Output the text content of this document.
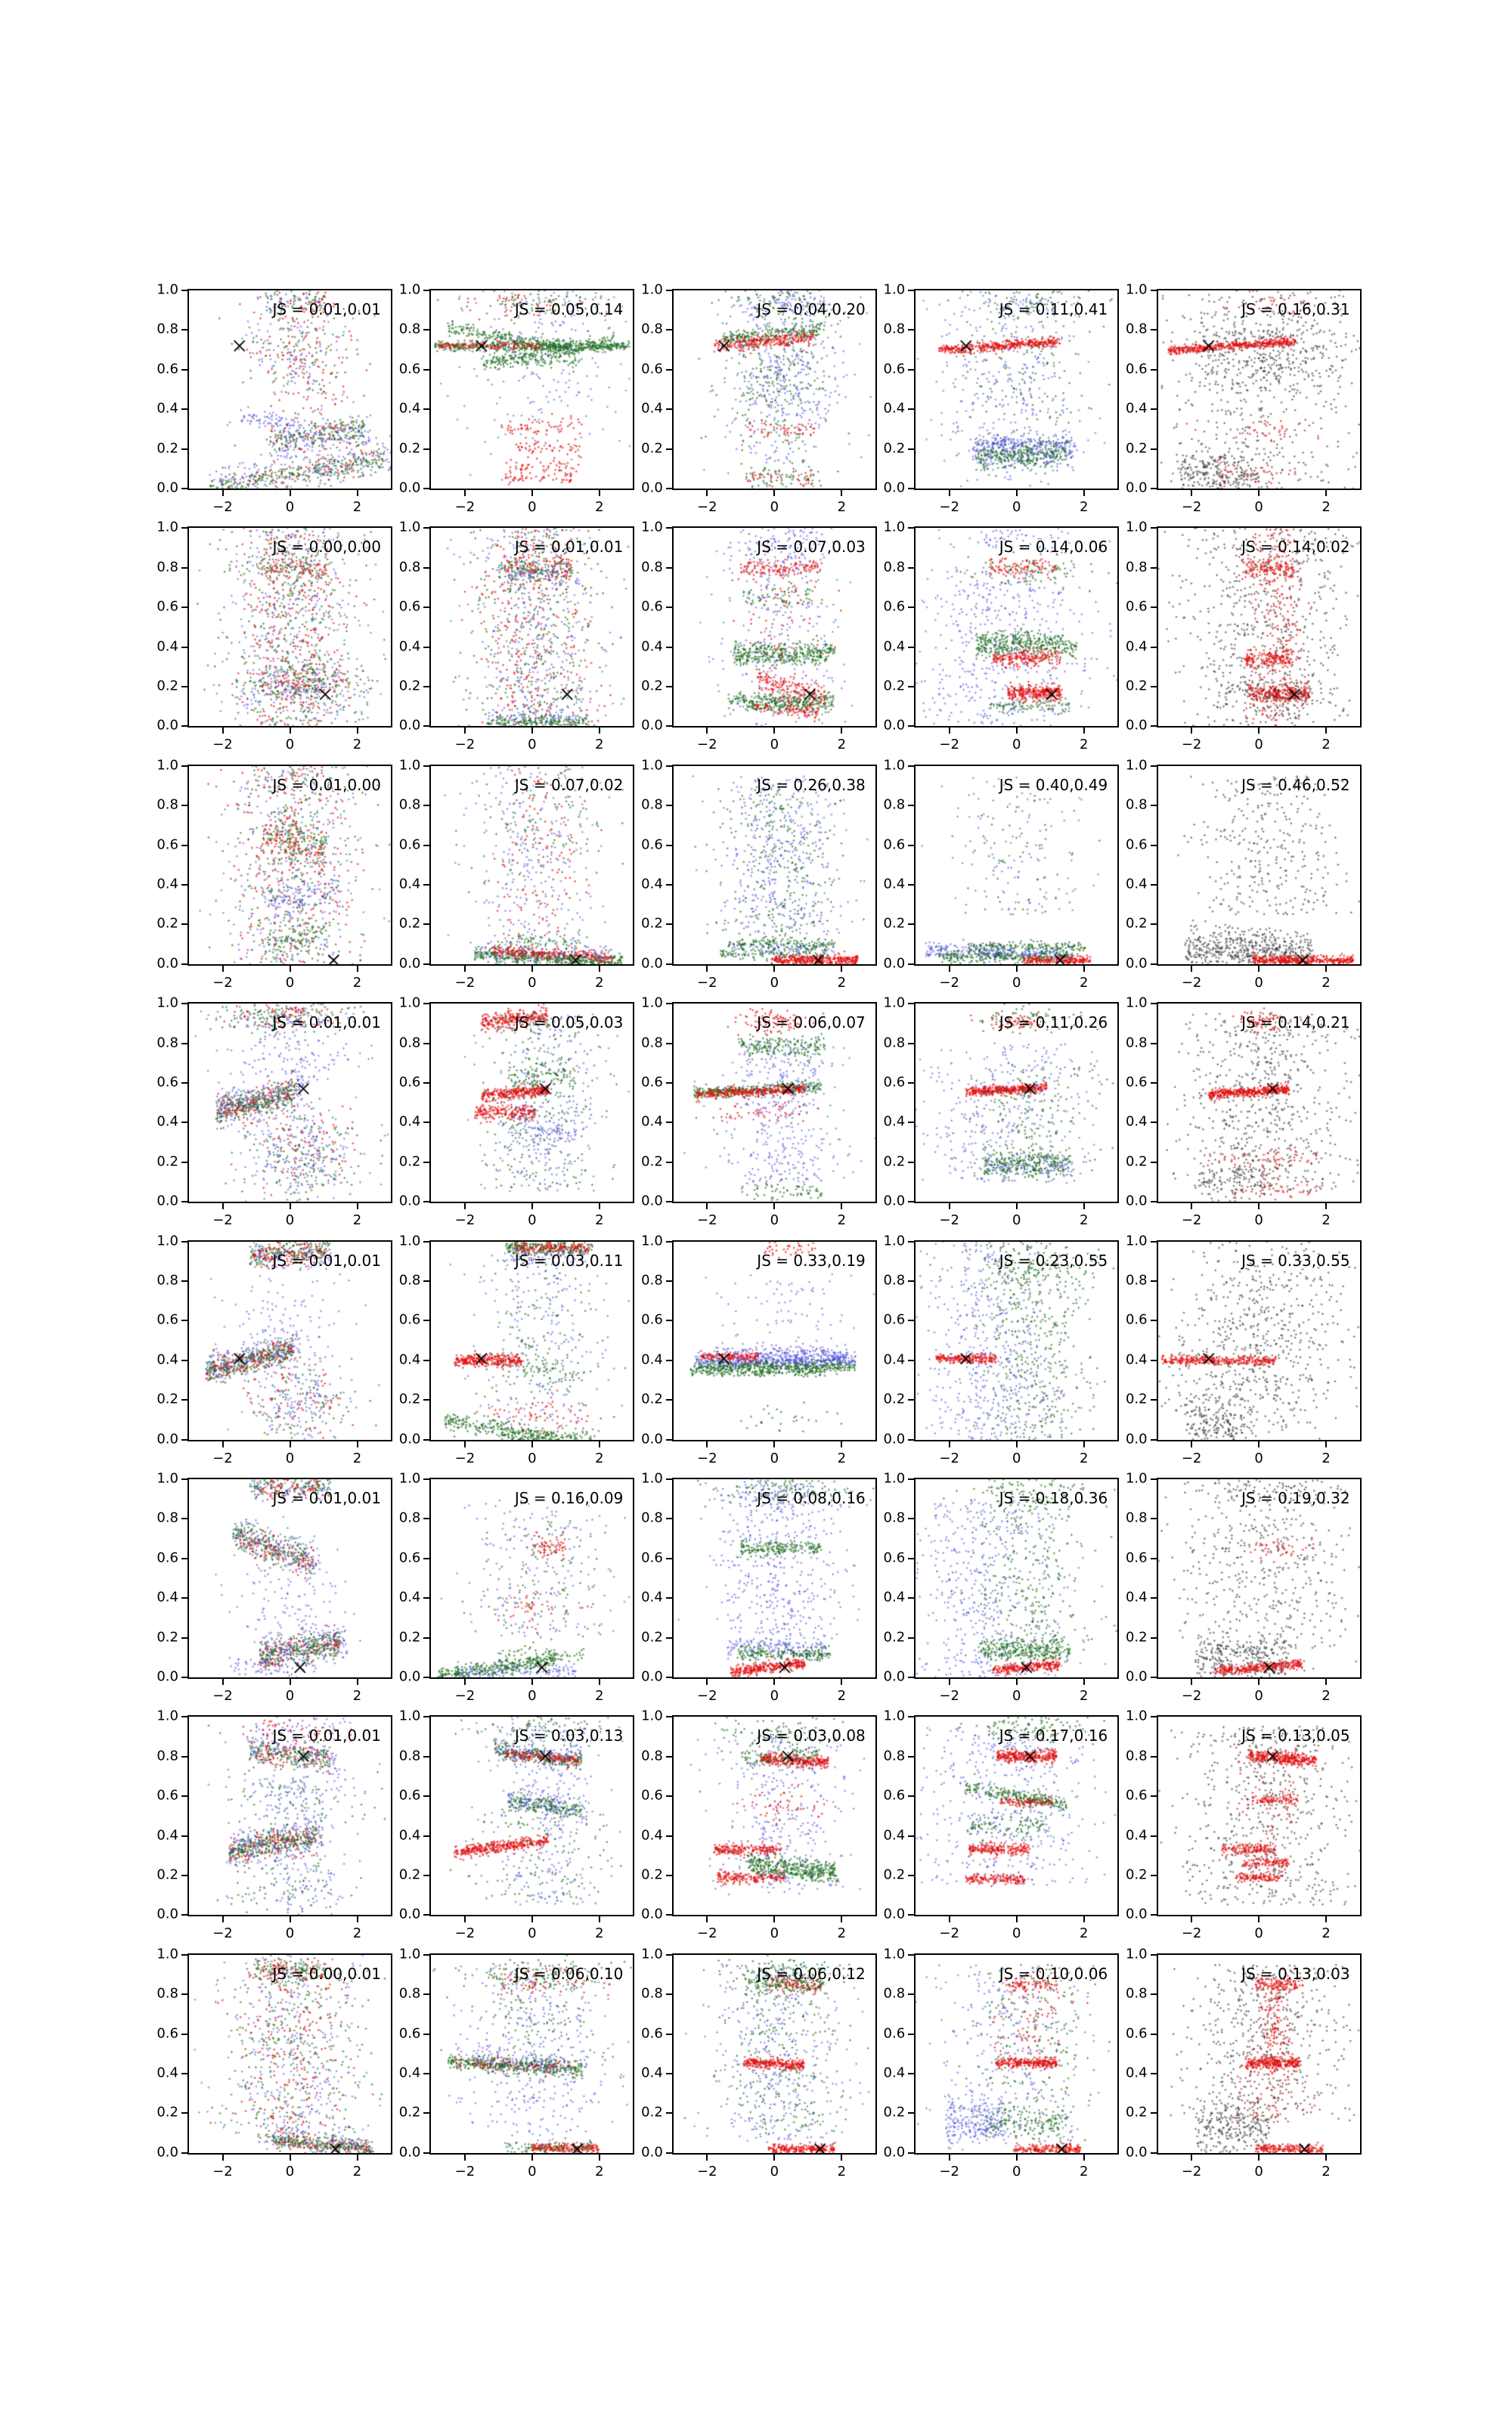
JS = 0.01,0.01
−2	0	2
0.0
0.2
0.4
0.6
0.8
1.0
JS = 0.05,0.14
−2	0	2
0.0
0.2
0.4
0.6
0.8
1.0
JS = 0.04,0.20
−2	0	2
0.0
0.2
0.4
0.6
0.8
1.0
JS = 0.11,0.41
−2	0	2
0.0
0.2
0.4
0.6
0.8
1.0
JS = 0.16,0.31
−2	0	2
0.0
0.2
0.4
0.6
0.8
1.0
JS = 0.00,0.00
−2	0	2
0.0
0.2
0.4
0.6
0.8
1.0
JS = 0.01,0.01
−2	0	2
0.0
0.2
0.4
0.6
0.8
1.0
JS = 0.07,0.03
−2	0	2
0.0
0.2
0.4
0.6
0.8
1.0
JS = 0.14,0.06
−2	0	2
0.0
0.2
0.4
0.6
0.8
1.0
JS = 0.14,0.02
−2	0	2
0.0
0.2
0.4
0.6
0.8
1.0
JS = 0.01,0.00
−2	0	2
0.0
0.2
0.4
0.6
0.8
1.0
JS = 0.07,0.02
−2	0	2
0.0
0.2
0.4
0.6
0.8
1.0
JS = 0.26,0.38
−2	0	2
0.0
0.2
0.4
0.6
0.8
1.0
JS = 0.40,0.49
−2	0	2
0.0
0.2
0.4
0.6
0.8
1.0
JS = 0.46,0.52
−2	0	2
0.0
0.2
0.4
0.6
0.8
1.0
JS = 0.01,0.01
−2	0	2
0.0
0.2
0.4
0.6
0.8
1.0
JS = 0.05,0.03
−2	0	2
0.0
0.2
0.4
0.6
0.8
1.0
JS = 0.06,0.07
−2	0	2
0.0
0.2
0.4
0.6
0.8
1.0
JS = 0.11,0.26
−2	0	2
0.0
0.2
0.4
0.6
0.8
1.0
JS = 0.14,0.21
−2	0	2
0.0
0.2
0.4
0.6
0.8
1.0
JS = 0.01,0.01
−2	0	2
0.0
0.2
0.4
0.6
0.8
1.0
JS = 0.03,0.11
−2	0	2
0.0
0.2
0.4
0.6
0.8
1.0
JS = 0.33,0.19
−2	0	2
0.0
0.2
0.4
0.6
0.8
1.0
JS = 0.23,0.55
−2	0	2
0.0
0.2
0.4
0.6
0.8
1.0
JS = 0.33,0.55
−2	0	2
0.0
0.2
0.4
0.6
0.8
1.0
JS = 0.01,0.01
−2	0	2
0.0
0.2
0.4
0.6
0.8
1.0
JS = 0.16,0.09
−2	0	2
0.0
0.2
0.4
0.6
0.8
1.0
JS = 0.08,0.16
−2	0	2
0.0
0.2
0.4
0.6
0.8
1.0
JS = 0.18,0.36
−2	0	2
0.0
0.2
0.4
0.6
0.8
1.0
JS = 0.19,0.32
−2	0	2
0.0
0.2
0.4
0.6
0.8
1.0
JS = 0.01,0.01
−2	0	2
0.0
0.2
0.4
0.6
0.8
1.0
JS = 0.03,0.13
−2	0	2
0.0
0.2
0.4
0.6
0.8
1.0
JS = 0.03,0.08
−2	0	2
0.0
0.2
0.4
0.6
0.8
1.0
JS = 0.17,0.16
−2	0	2
0.0
0.2
0.4
0.6
0.8
1.0
JS = 0.13,0.05
−2	0	2
0.0
0.2
0.4
0.6
0.8
1.0
JS = 0.00,0.01
−2	0	2
0.0
0.2
0.4
0.6
0.8
1.0
JS = 0.06,0.10
−2	0	2
0.0
0.2
0.4
0.6
0.8
1.0
JS = 0.06,0.12
−2	0	2
0.0
0.2
0.4
0.6
0.8
1.0
JS = 0.10,0.06
−2	0	2
0.0
0.2
0.4
0.6
0.8
1.0
JS = 0.13,0.03
−2	0	2
0.0
0.2
0.4
0.6
0.8
1.0
